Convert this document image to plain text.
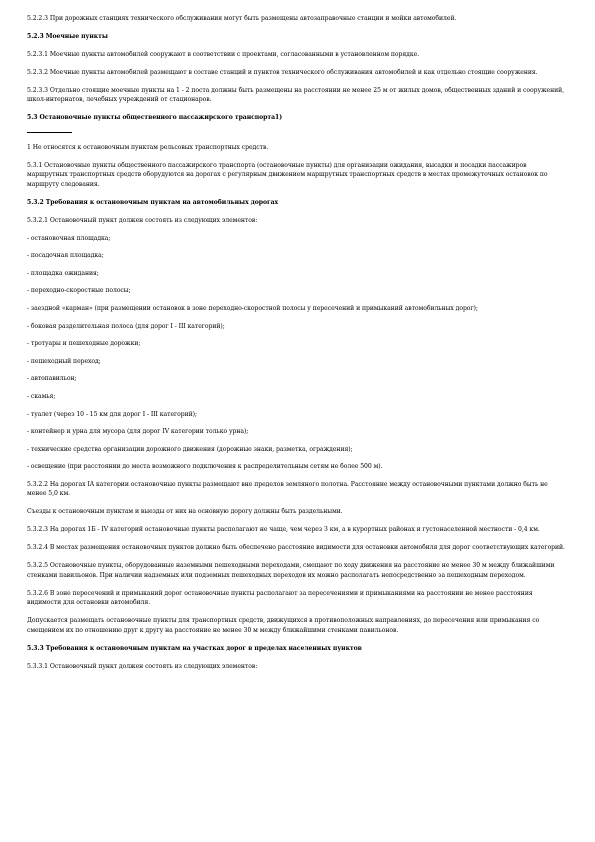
5.2.2.3 При дорожных станциях технического обслуживания могут быть размещены автозаправочные станции и мойки автомобилей.

5.2.3 Моечные пункты

5.2.3.1 Моечные пункты автомобилей сооружают в соответствии с проектами, согласованными в установленном порядке.

5.2.3.2 Моечные пункты автомобилей размещают в составе станций и пунктов технического обслуживания автомобилей и как отдельно стоящие сооружения.

5.2.3.3 Отдельно стоящие моечные пункты на 1 - 2 поста должны быть размещены на расстоянии не менее 25 м от жилых домов, общественных зданий и сооружений, школ-интернатов, лечебных учреждений от стационаров.

5.3 Остановочные пункты общественного пассажирского транспорта1)

1 Не относятся к остановочным пунктам рельсовых транспортных средств.

5.3.1 Остановочные пункты общественного пассажирского транспорта (остановочные пункты) для организации ожидания, высадки и посадки пассажиров маршрутных транспортных средств оборудуются на дорогах с регулярным движением маршрутных транспортных средств в местах промежуточных остановок по маршруту следования.

5.3.2 Требования к остановочным пунктам на автомобильных дорогах

5.3.2.1 Остановочный пункт должен состоять из следующих элементов:

- остановочная площадка;

- посадочная площадка;

- площадка ожидания;

- переходно-скоростные полосы;

- заездной «карман» (при размещении остановок в зоне переходно-скоростной полосы у пересечений и примыканий автомобильных дорог);

- боковая разделительная полоса (для дорог I - III категорий);

- тротуары и пешеходные дорожки;

- пешеходный переход;

- автопавильон;

- скамья;

- туалет (через 10 - 15 км для дорог I - III категорий);

- контейнер и урна для мусора (для дорог IV категории только урна);

- технические средства организации дорожного движения (дорожные знаки, разметка, ограждения);

- освещение (при расстоянии до места возможного подключения к распределительным сетям не более 500 м).

5.3.2.2 На дорогах IA категории остановочные пункты размещают вне пределов земляного полотна. Расстояние между остановочными пунктами должно быть не менее 5,0 км.

Съезды к остановочным пунктам и выезды от них на основную дорогу должны быть раздельными.

5.3.2.3 На дорогах 1Б - IV категорий остановочные пункты располагают не чаще, чем через 3 км, а в курортных районах и густонаселенной местности - 0,4 км.

5.3.2.4 В местах размещения остановочных пунктов должно быть обеспечено расстояние видимости для остановки автомобиля для дорог соответствующих категорий.

5.3.2.5 Остановочные пункты, оборудованные наземными пешеходными переходами, смещают по ходу движения на расстояние не менее 30 м между ближайшими стенками павильонов. При наличии надземных или подземных пешеходных переходов их можно располагать непосредственно за пешеходным переходом.

5.3.2.6 В зоне пересечений и примыканий дорог остановочные пункты располагают за пересечениями и примыканиями на расстоянии не менее расстояния видимости для остановки автомобиля.

Допускается размещать остановочные пункты для транспортных средств, движущихся в противоположных направлениях, до пересечения или примыкания со смещением их по отношению друг к другу на расстояние не менее 30 м между ближайшими стенками павильонов.

5.3.3 Требования к остановочным пунктам на участках дорог в пределах населенных пунктов

5.3.3.1 Остановочный пункт должен состоять из следующих элементов:
